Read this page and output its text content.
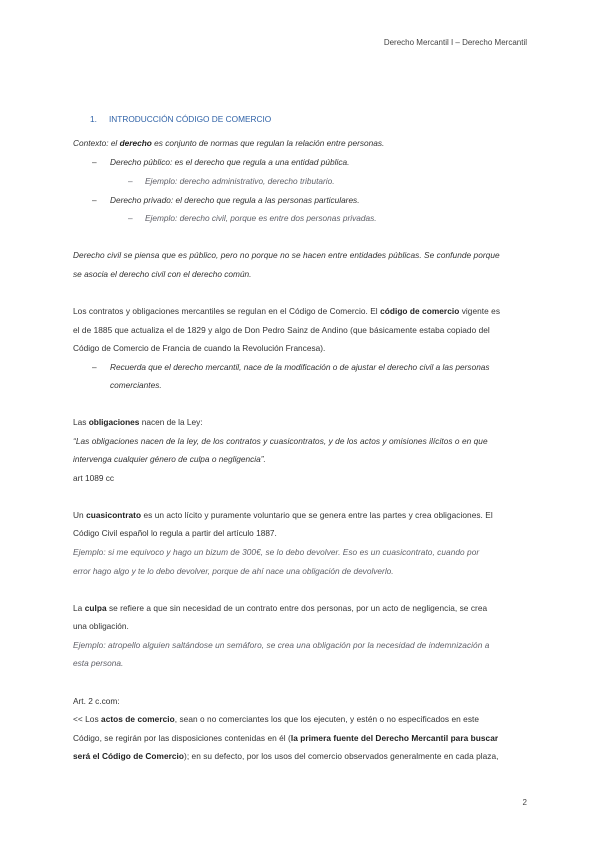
Derecho Mercantil I – Derecho Mercantil
1. INTRODUCCIÓN CÓDIGO DE COMERCIO
Contexto: el derecho es conjunto de normas que regulan la relación entre personas.
– Derecho público: es el derecho que regula a una entidad pública.
– Ejemplo: derecho administrativo, derecho tributario.
– Derecho privado: el derecho que regula a las personas particulares.
– Ejemplo: derecho civil, porque es entre dos personas privadas.
Derecho civil se piensa que es público, pero no porque no se hacen entre entidades públicas. Se confunde porque
se asocia el derecho civil con el derecho común.
Los contratos y obligaciones mercantiles se regulan en el Código de Comercio. El código de comercio vigente es
el de 1885 que actualiza el de 1829 y algo de Don Pedro Sainz de Andino (que básicamente estaba copiado del
Código de Comercio de Francia de cuando la Revolución Francesa).
– Recuerda que el derecho mercantil, nace de la modificación o de ajustar el derecho civil a las personas
comerciantes.
Las obligaciones nacen de la Ley:
“Las obligaciones nacen de la ley, de los contratos y cuasicontratos, y de los actos y omisiones ilícitos o en que
intervenga cualquier género de culpa o negligencia”.
art 1089 cc
Un cuasicontrato es un acto lícito y puramente voluntario que se genera entre las partes y crea obligaciones. El
Código Civil español lo regula a partir del artículo 1887.
Ejemplo: si me equivoco y hago un bizum de 300€, se lo debo devolver. Eso es un cuasicontrato, cuando por
error hago algo y te lo debo devolver, porque de ahí nace una obligación de devolverlo.
La culpa se refiere a que sin necesidad de un contrato entre dos personas, por un acto de negligencia, se crea
una obligación.
Ejemplo: atropello alguien saltándose un semáforo, se crea una obligación por la necesidad de indemnización a
esta persona.
Art. 2 c.com:
<< Los actos de comercio, sean o no comerciantes los que los ejecuten, y estén o no especificados en este
Código, se regirán por las disposiciones contenidas en él (la primera fuente del Derecho Mercantil para buscar
será el Código de Comercio); en su defecto, por los usos del comercio observados generalmente en cada plaza,
2
